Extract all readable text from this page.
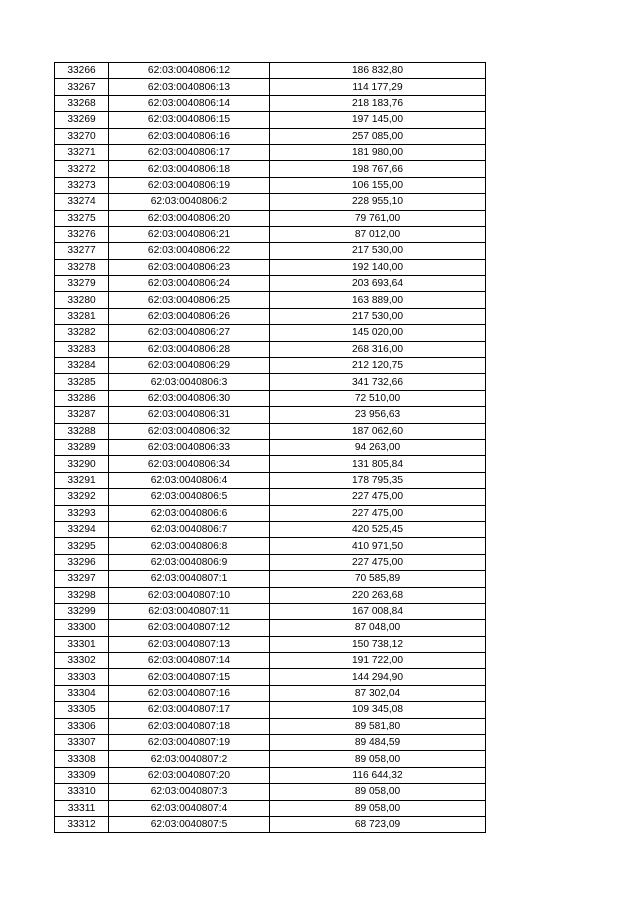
33266	62:03:0040806:12	186 832,80
33267	62:03:0040806:13	114 177,29
33268	62:03:0040806:14	218 183,76
33269	62:03:0040806:15	197 145,00
33270	62:03:0040806:16	257 085,00
33271	62:03:0040806:17	181 980,00
33272	62:03:0040806:18	198 767,66
33273	62:03:0040806:19	106 155,00
33274	62:03:0040806:2	228 955,10
33275	62:03:0040806:20	79 761,00
33276	62:03:0040806:21	87 012,00
33277	62:03:0040806:22	217 530,00
33278	62:03:0040806:23	192 140,00
33279	62:03:0040806:24	203 693,64
33280	62:03:0040806:25	163 889,00
33281	62:03:0040806:26	217 530,00
33282	62:03:0040806:27	145 020,00
33283	62:03:0040806:28	268 316,00
33284	62:03:0040806:29	212 120,75
33285	62:03:0040806:3	341 732,66
33286	62:03:0040806:30	72 510,00
33287	62:03:0040806:31	23 956,63
33288	62:03:0040806:32	187 062,60
33289	62:03:0040806:33	94 263,00
33290	62:03:0040806:34	131 805,84
33291	62:03:0040806:4	178 795,35
33292	62:03:0040806:5	227 475,00
33293	62:03:0040806:6	227 475,00
33294	62:03:0040806:7	420 525,45
33295	62:03:0040806:8	410 971,50
33296	62:03:0040806:9	227 475,00
33297	62:03:0040807:1	70 585,89
33298	62:03:0040807:10	220 263,68
33299	62:03:0040807:11	167 008,84
33300	62:03:0040807:12	87 048,00
33301	62:03:0040807:13	150 738,12
33302	62:03:0040807:14	191 722,00
33303	62:03:0040807:15	144 294,90
33304	62:03:0040807:16	87 302,04
33305	62:03:0040807:17	109 345,08
33306	62:03:0040807:18	89 581,80
33307	62:03:0040807:19	89 484,59
33308	62:03:0040807:2	89 058,00
33309	62:03:0040807:20	116 644,32
33310	62:03:0040807:3	89 058,00
33311	62:03:0040807:4	89 058,00
33312	62:03:0040807:5	68 723,09
